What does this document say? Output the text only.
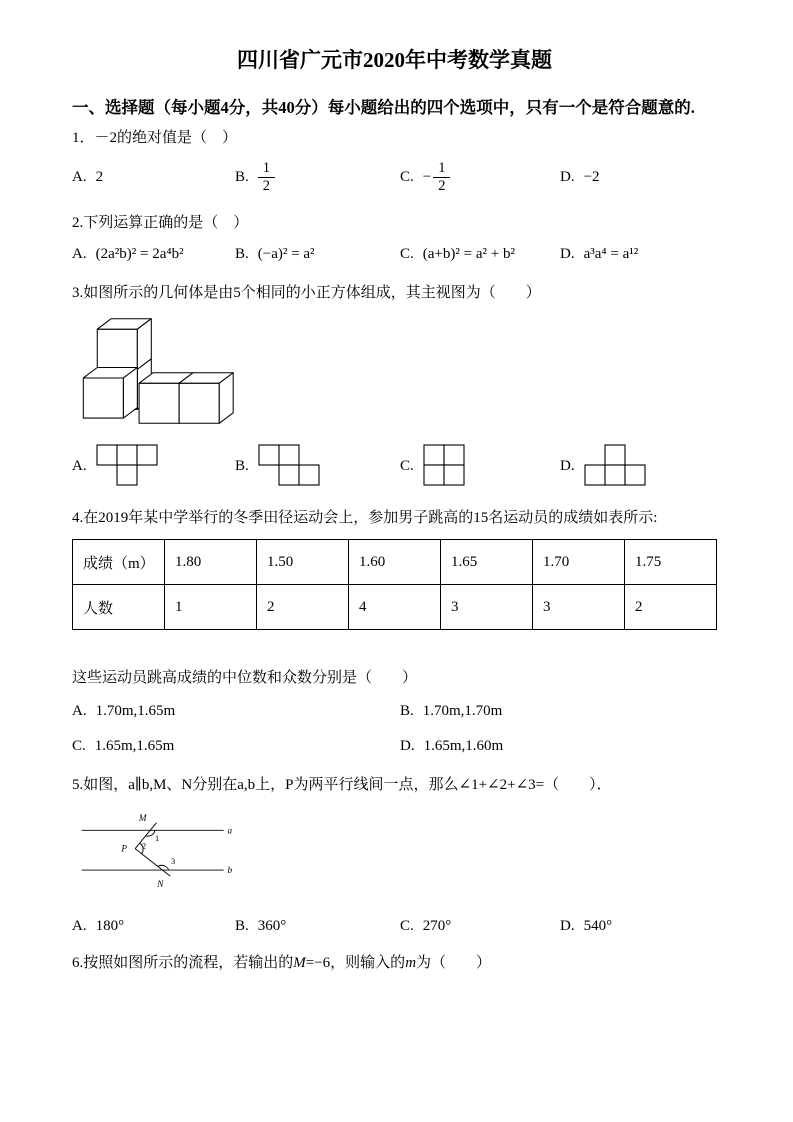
四川省广元市2020年中考数学真题
一、选择题（每小题4分，共40分）每小题给出的四个选项中，只有一个是符合题意的.
1．－2的绝对值是（　）
A. 2	B. $\frac{1}{2}$	C. − $\frac{1}{2}$	D. −2
2.下列运算正确的是（　）
A. (2a²b)² = 2a⁴b²	B. (−a)² = a²	C. (a+b)² = a² + b²	D. a³a⁴ = a¹²
3.如图所示的几何体是由5个相同的小正方体组成，其主视图为（　　）
A.	B.	C.	D.
4.在2019年某中学举行的冬季田径运动会上，参加男子跳高的15名运动员的成绩如表所示:
成绩（m）	1.80	1.50	1.60	1.65	1.70	1.75
人数	1	2	4	3	3	2
这些运动员跳高成绩的中位数和众数分别是（　　）
A. 1.70m,1.65m	B. 1.70m,1.70m
C. 1.65m,1.65m	D. 1.65m,1.60m
5.如图，a∥b,M、N分别在a,b上，P为两平行线间一点，那么∠1+∠2+∠3=（　　）．
M
a
P
N
b
1
2
3
A. 180°	B. 360°	C. 270°	D. 540°
6.按照如图所示的流程，若输出的M=−6，则输入的m为（　　）
